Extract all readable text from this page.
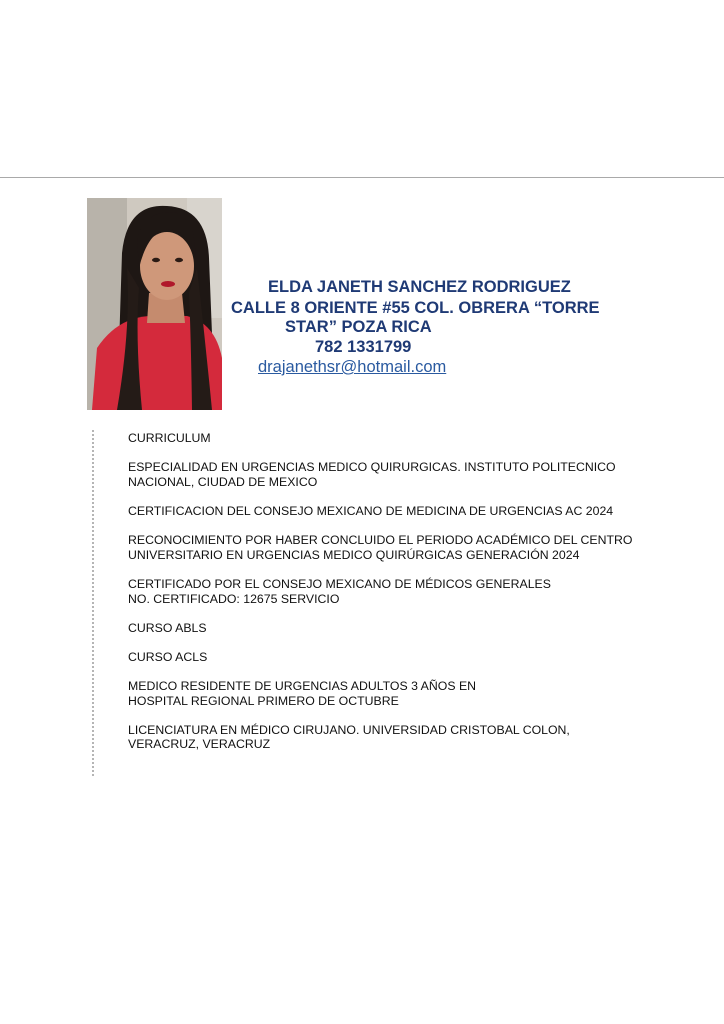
ELDA JANETH SANCHEZ RODRIGUEZ
CALLE 8 ORIENTE #55 COL. OBRERA “TORRE
STAR” POZA RICA
782 1331799
drajanethsr@hotmail.com

CURRICULUM

ESPECIALIDAD EN URGENCIAS MEDICO QUIRURGICAS. INSTITUTO POLITECNICO
NACIONAL, CIUDAD DE MEXICO

CERTIFICACION DEL CONSEJO MEXICANO DE MEDICINA DE URGENCIAS AC 2024

RECONOCIMIENTO POR HABER CONCLUIDO EL PERIODO ACADÉMICO DEL CENTRO
UNIVERSITARIO EN URGENCIAS MEDICO QUIRÚRGICAS GENERACIÓN 2024

CERTIFICADO POR EL CONSEJO MEXICANO DE MÉDICOS GENERALES
NO. CERTIFICADO: 12675 SERVICIO

CURSO ABLS

CURSO ACLS

MEDICO RESIDENTE DE URGENCIAS ADULTOS 3 AÑOS EN
HOSPITAL REGIONAL PRIMERO DE OCTUBRE

LICENCIATURA EN MÉDICO CIRUJANO. UNIVERSIDAD CRISTOBAL COLON,
VERACRUZ, VERACRUZ
